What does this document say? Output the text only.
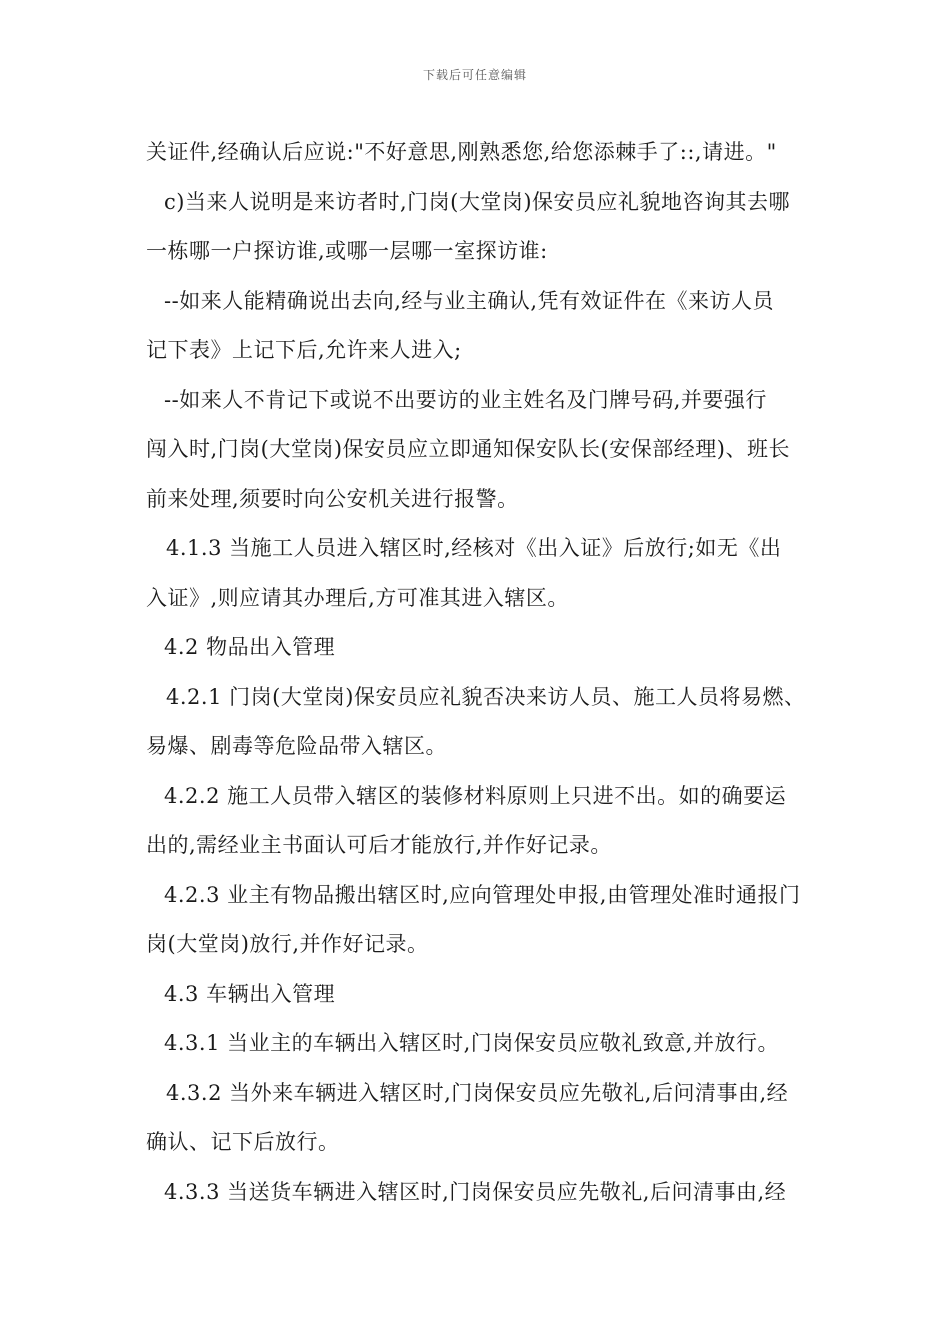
下载后可任意编辑
关证件,经确认后应说:"不好意思,刚熟悉您,给您添棘手了::,请进。"
c)当来人说明是来访者时,门岗(大堂岗)保安员应礼貌地咨询其去哪
一栋哪一户探访谁,或哪一层哪一室探访谁:
--如来人能精确说出去向,经与业主确认,凭有效证件在《来访人员
记下表》上记下后,允许来人进入;
--如来人不肯记下或说不出要访的业主姓名及门牌号码,并要强行
闯入时,门岗(大堂岗)保安员应立即通知保安队长(安保部经理)、班长
前来处理,须要时向公安机关进行报警。
4.1.3 当施工人员进入辖区时,经核对《出入证》后放行;如无《出
入证》,则应请其办理后,方可准其进入辖区。
4.2 物品出入管理
4.2.1 门岗(大堂岗)保安员应礼貌否决来访人员、施工人员将易燃、
易爆、剧毒等危险品带入辖区。
4.2.2 施工人员带入辖区的装修材料原则上只进不出。如的确要运
出的,需经业主书面认可后才能放行,并作好记录。
4.2.3 业主有物品搬出辖区时,应向管理处申报,由管理处准时通报门
岗(大堂岗)放行,并作好记录。
4.3 车辆出入管理
4.3.1 当业主的车辆出入辖区时,门岗保安员应敬礼致意,并放行。
4.3.2 当外来车辆进入辖区时,门岗保安员应先敬礼,后问清事由,经
确认、记下后放行。
4.3.3 当送货车辆进入辖区时,门岗保安员应先敬礼,后问清事由,经
